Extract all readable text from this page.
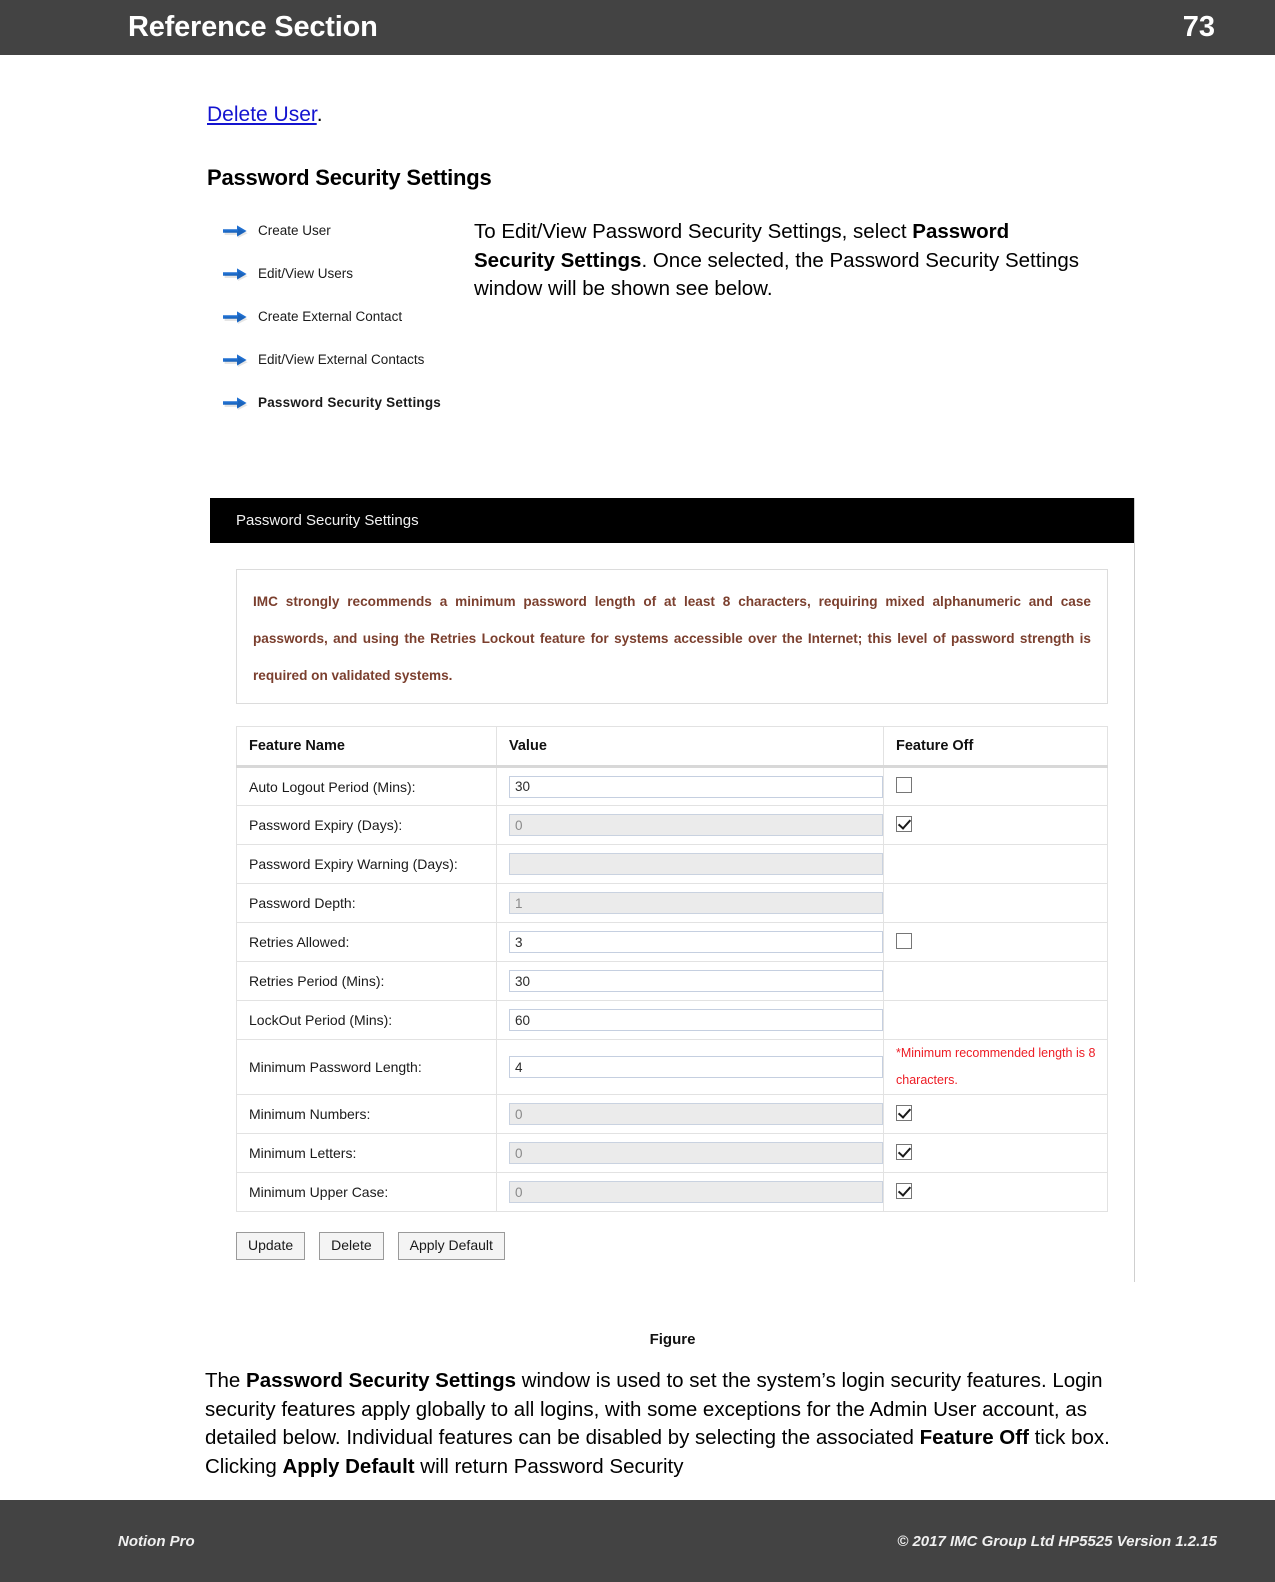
Reference Section	73
Delete User.
Password Security Settings
Create User
Edit/View Users
Create External Contact
Edit/View External Contacts
Password Security Settings
To Edit/View Password Security Settings, select Password Security Settings. Once selected, the Password Security Settings window will be shown see below.
Password Security Settings

IMC strongly recommends a minimum password length of at least 8 characters, requiring mixed alphanumeric and case passwords, and using the Retries Lockout feature for systems accessible over the Internet; this level of password strength is required on validated systems.

Feature Name	Value	Feature Off
Auto Logout Period (Mins):	30	

Password Expiry (Days):	0	

Password Expiry Warning (Days):	

Password Depth:	1	

Retries Allowed:	3	

Retries Period (Mins):	30	

LockOut Period (Mins):	60	

Minimum Password Length:	4	*Minimum recommended length is 8 characters.
Minimum Numbers:	0	

Minimum Letters:	0	

Minimum Upper Case:	0	

Update	Delete	Apply Default
Figure
The Password Security Settings window is used to set the system’s login security features. Login security features apply globally to all logins, with some exceptions for the Admin User account, as detailed below. Individual features can be disabled by selecting the associated Feature Off tick box. Clicking Apply Default will return Password Security
Notion Pro	© 2017 IMC Group Ltd HP5525 Version 1.2.15
